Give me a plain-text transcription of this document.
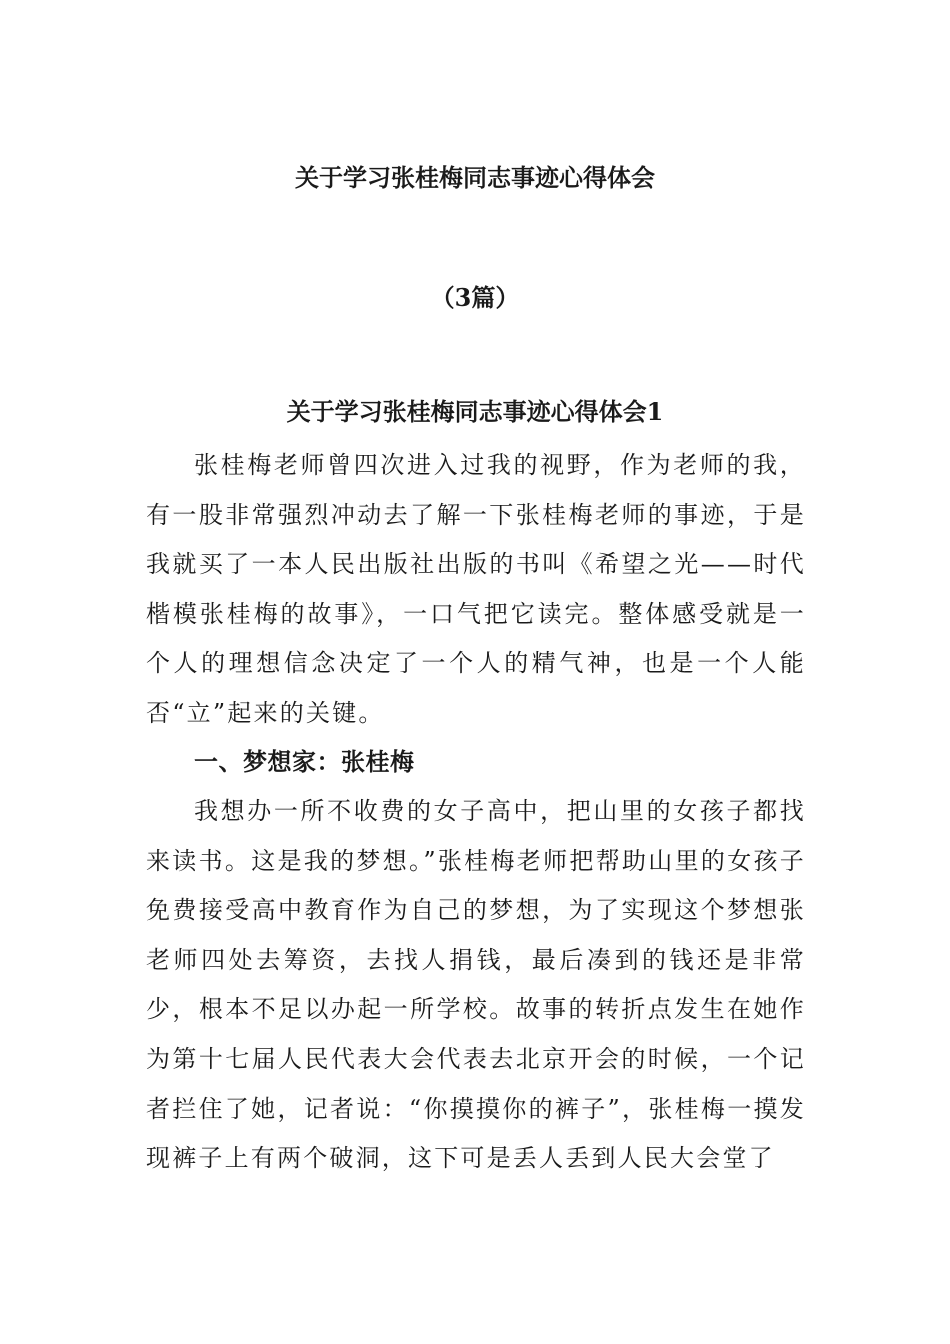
关于学习张桂梅同志事迹心得体会
（3篇）
关于学习张桂梅同志事迹心得体会1

张桂梅老师曾四次进入过我的视野，作为老师的我，有一股非常强烈冲动去了解一下张桂梅老师的事迹，于是我就买了一本人民出版社出版的书叫《希望之光——时代楷模张桂梅的故事》，一口气把它读完。整体感受就是一个人的理想信念决定了一个人的精气神，也是一个人能否“立”起来的关键。

一、梦想家：张桂梅

我想办一所不收费的女子高中，把山里的女孩子都找来读书。这是我的梦想。”张桂梅老师把帮助山里的女孩子免费接受高中教育作为自己的梦想，为了实现这个梦想张老师四处去筹资，去找人捐钱，最后凑到的钱还是非常少，根本不足以办起一所学校。故事的转折点发生在她作为第十七届人民代表大会代表去北京开会的时候，一个记者拦住了她，记者说：“你摸摸你的裤子”，张桂梅一摸发现裤子上有两个破洞，这下可是丢人丢到人民大会堂了
